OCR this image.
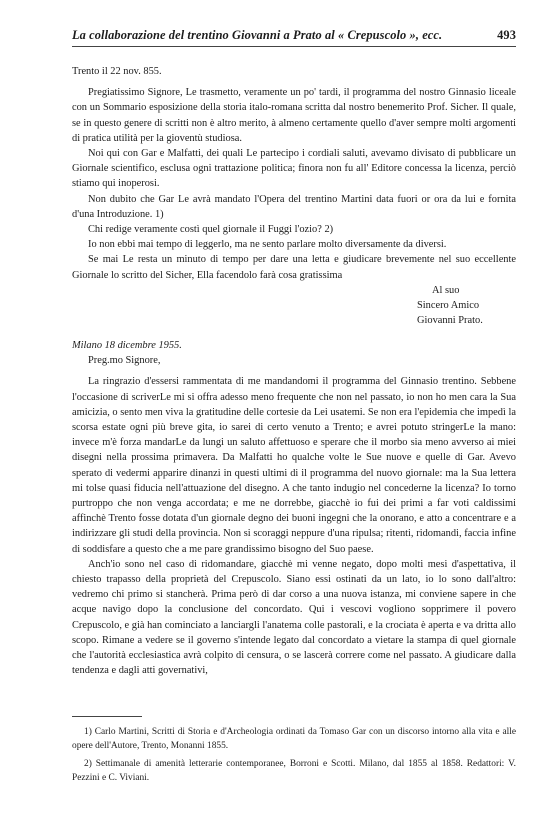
La collaborazione del trentino Giovanni a Prato al « Crepuscolo », ecc.	493

Trento il 22 nov. 855.

Pregiatissimo Signore, Le trasmetto, veramente un po' tardi, il programma del nostro Ginnasio liceale con un Sommario esposizione della storia italo-romana scritta dal nostro benemerito Prof. Sicher. Il quale, se in questo genere di scritti non è altro merito, à almeno certamente quello d'aver sempre molti argomenti di pratica utilità per la gioventù studiosa.

Noi qui con Gar e Malfatti, dei quali Le partecipo i cordiali saluti, avevamo divisato di pubblicare un Giornale scientifico, esclusa ogni trattazione politica; finora non fu all' Editore concessa la licenza, perciò stiamo qui inoperosi.

Non dubito che Gar Le avrà mandato l'Opera del trentino Martini data fuori or ora da lui e fornita d'una Introduzione. 1)

Chi redige veramente costì quel giornale il Fuggi l'ozio? 2)

Io non ebbi mai tempo di leggerlo, ma ne sento parlare molto diversamente da diversi.

Se mai Le resta un minuto di tempo per dare una letta e giudicare brevemente nel suo eccellente Giornale lo scritto del Sicher, Ella facendolo farà cosa gratissima

Al suo

Sincero Amico

Giovanni Prato.

Milano 18 dicembre 1955.

Preg.mo Signore,

La ringrazio d'essersi rammentata di me mandandomi il programma del Ginnasio trentino. Sebbene l'occasione di scriverLe mi si offra adesso meno frequente che non nel passato, io non ho men cara la Sua amicizia, o sento men viva la gratitudine delle cortesie da Lei usatemi. Se non era l'epidemia che impedì la scorsa estate ogni più breve gita, io sarei di certo venuto a Trento; e avrei potuto stringerLe la mano: invece m'è forza mandarLe da lungi un saluto affettuoso e sperare che il morbo sia meno avverso ai miei disegni nella prossima primavera. Da Malfatti ho qualche volte le Sue nuove e quelle di Gar. Avevo sperato di vedermi apparire dinanzi in questi ultimi di il programma del nuovo giornale: ma la Sua lettera mi tolse quasi fiducia nell'attuazione del disegno. A che tanto indugio nel concederne la licenza? Io torno purtroppo che non venga accordata; e me ne dorrebbe, giacchè io fui dei primi a far voti caldissimi affinchè Trento fosse dotata d'un giornale degno dei buoni ingegni che la onorano, e atto a concentrare e a indirizzare gli studi della provincia. Non si scoraggi neppure d'una ripulsa; ritenti, ridomandi, faccia infine di soddisfare a questo che a me pare grandissimo bisogno del Suo paese.

Anch'io sono nel caso di ridomandare, giacchè mi venne negato, dopo molti mesi d'aspettativa, il chiesto trapasso della proprietà del Crepuscolo. Siano essi ostinati da un lato, io lo sono dall'altro: vedremo chi primo si stancherà. Prima però di dar corso a una nuova istanza, mi conviene sapere in che acque navigo dopo la conclusione del concordato. Qui i vescovi vogliono sopprimere il povero Crepuscolo, e già han cominciato a lanciargli l'anatema colle pastorali, e la crociata è aperta e va dritta allo scopo. Rimane a vedere se il governo s'intende legato dal concordato a vietare la stampa di quel giornale che l'autorità ecclesiastica avrà colpito di censura, o se lascerà correre come nel passato. A giudicare dalla tendenza e dagli atti governativi,

1) Carlo Martini, Scritti di Storia e d'Archeologia ordinati da Tomaso Gar con un discorso intorno alla vita e alle opere dell'Autore, Trento, Monanni 1855.

2) Settimanale di amenità letterarie contemporanee, Borroni e Scotti. Milano, dal 1855 al 1858. Redattori: V. Pezzini e C. Viviani.
